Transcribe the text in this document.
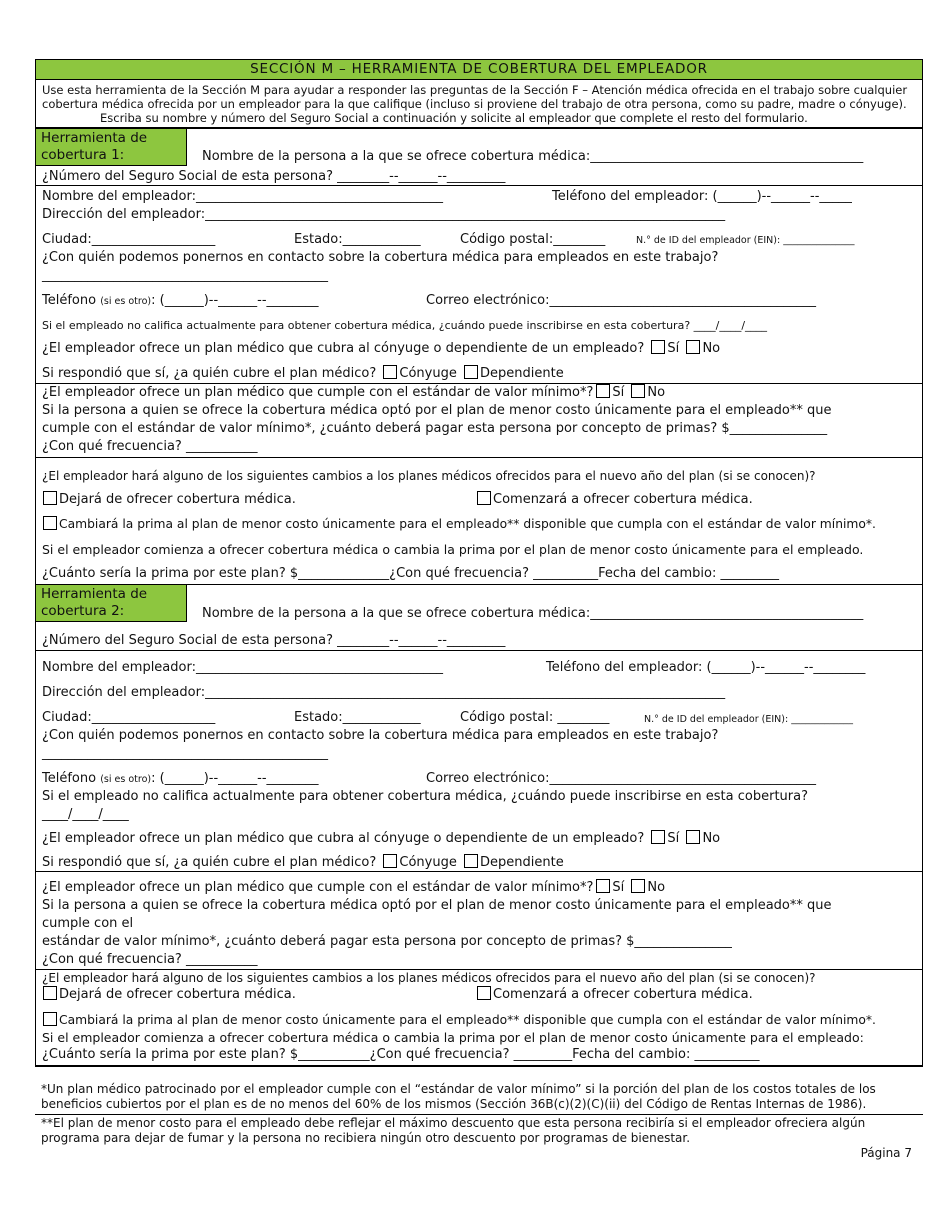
SECCIÓN M – HERRAMIENTA DE COBERTURA DEL EMPLEADOR
Use esta herramienta de la Sección M para ayudar a responder las preguntas de la Sección F – Atención médica ofrecida en el trabajo sobre cualquier cobertura médica ofrecida por un empleador para la que califique (incluso si proviene del trabajo de otra persona, como su padre, madre o cónyuge).
Escriba su nombre y número del Seguro Social a continuación y solicite al empleador que complete el resto del formulario.
Herramienta de cobertura 1:	Nombre de la persona a la que se ofrece cobertura médica:__________________________________________
¿Número del Seguro Social de esta persona? ________--______--_________
Nombre del empleador:______________________________________	Teléfono del empleador: (______)--______--_____
Dirección del empleador:________________________________________________________________________________
Ciudad:___________________	Estado:____________	Código postal:________	N.° de ID del empleador (EIN): _______________
¿Con quién podemos ponernos en contacto sobre la cobertura médica para empleados en este trabajo?
____________________________________________
Teléfono (si es otro): (______)--______--________	Correo electrónico:_________________________________________
Si el empleado no califica actualmente para obtener cobertura médica, ¿cuándo puede inscribirse en esta cobertura? ____/____/____
¿El empleador ofrece un plan médico que cubra al cónyuge o dependiente de un empleado? Sí No
Si respondió que sí, ¿a quién cubre el plan médico? Cónyuge Dependiente
¿El empleador ofrece un plan médico que cumple con el estándar de valor mínimo*? Sí No
Si la persona a quien se ofrece la cobertura médica optó por el plan de menor costo únicamente para el empleado** que
cumple con el estándar de valor mínimo*, ¿cuánto deberá pagar esta persona por concepto de primas? $_______________
¿Con qué frecuencia? ___________
¿El empleador hará alguno de los siguientes cambios a los planes médicos ofrecidos para el nuevo año del plan (si se conocen)?
Dejará de ofrecer cobertura médica.	Comenzará a ofrecer cobertura médica.
Cambiará la prima al plan de menor costo únicamente para el empleado** disponible que cumpla con el estándar de valor mínimo*.
Si el empleador comienza a ofrecer cobertura médica o cambia la prima por el plan de menor costo únicamente para el empleado.
¿Cuánto sería la prima por este plan? $______________¿Con qué frecuencia? __________Fecha del cambio: _________
Herramienta de cobertura 2:	Nombre de la persona a la que se ofrece cobertura médica:__________________________________________
¿Número del Seguro Social de esta persona? ________--______--_________
Nombre del empleador:______________________________________	Teléfono del empleador: (______)--______--________
Dirección del empleador:________________________________________________________________________________
Ciudad:___________________	Estado:____________	Código postal: ________	N.° de ID del empleador (EIN): _____________
¿Con quién podemos ponernos en contacto sobre la cobertura médica para empleados en este trabajo?
____________________________________________
Teléfono (si es otro): (______)--______--________	Correo electrónico:_________________________________________
Si el empleado no califica actualmente para obtener cobertura médica, ¿cuándo puede inscribirse en esta cobertura?
____/____/____
¿El empleador ofrece un plan médico que cubra al cónyuge o dependiente de un empleado? Sí No
Si respondió que sí, ¿a quién cubre el plan médico? Cónyuge Dependiente
¿El empleador ofrece un plan médico que cumple con el estándar de valor mínimo*? Sí No
Si la persona a quien se ofrece la cobertura médica optó por el plan de menor costo únicamente para el empleado** que
cumple con el
estándar de valor mínimo*, ¿cuánto deberá pagar esta persona por concepto de primas? $_______________
¿Con qué frecuencia? ___________
¿El empleador hará alguno de los siguientes cambios a los planes médicos ofrecidos para el nuevo año del plan (si se conocen)?
Dejará de ofrecer cobertura médica.	Comenzará a ofrecer cobertura médica.
Cambiará la prima al plan de menor costo únicamente para el empleado** disponible que cumpla con el estándar de valor mínimo*.
Si el empleador comienza a ofrecer cobertura médica o cambia la prima por el plan de menor costo únicamente para el empleado:
¿Cuánto sería la prima por este plan? $___________¿Con qué frecuencia? _________Fecha del cambio: __________
*Un plan médico patrocinado por el empleador cumple con el “estándar de valor mínimo” si la porción del plan de los costos totales de los beneficios cubiertos por el plan es de no menos del 60% de los mismos (Sección 36B(c)(2)(C)(ii) del Código de Rentas Internas de 1986).
**El plan de menor costo para el empleado debe reflejar el máximo descuento que esta persona recibiría si el empleador ofreciera algún programa para dejar de fumar y la persona no recibiera ningún otro descuento por programas de bienestar.
Página 7
